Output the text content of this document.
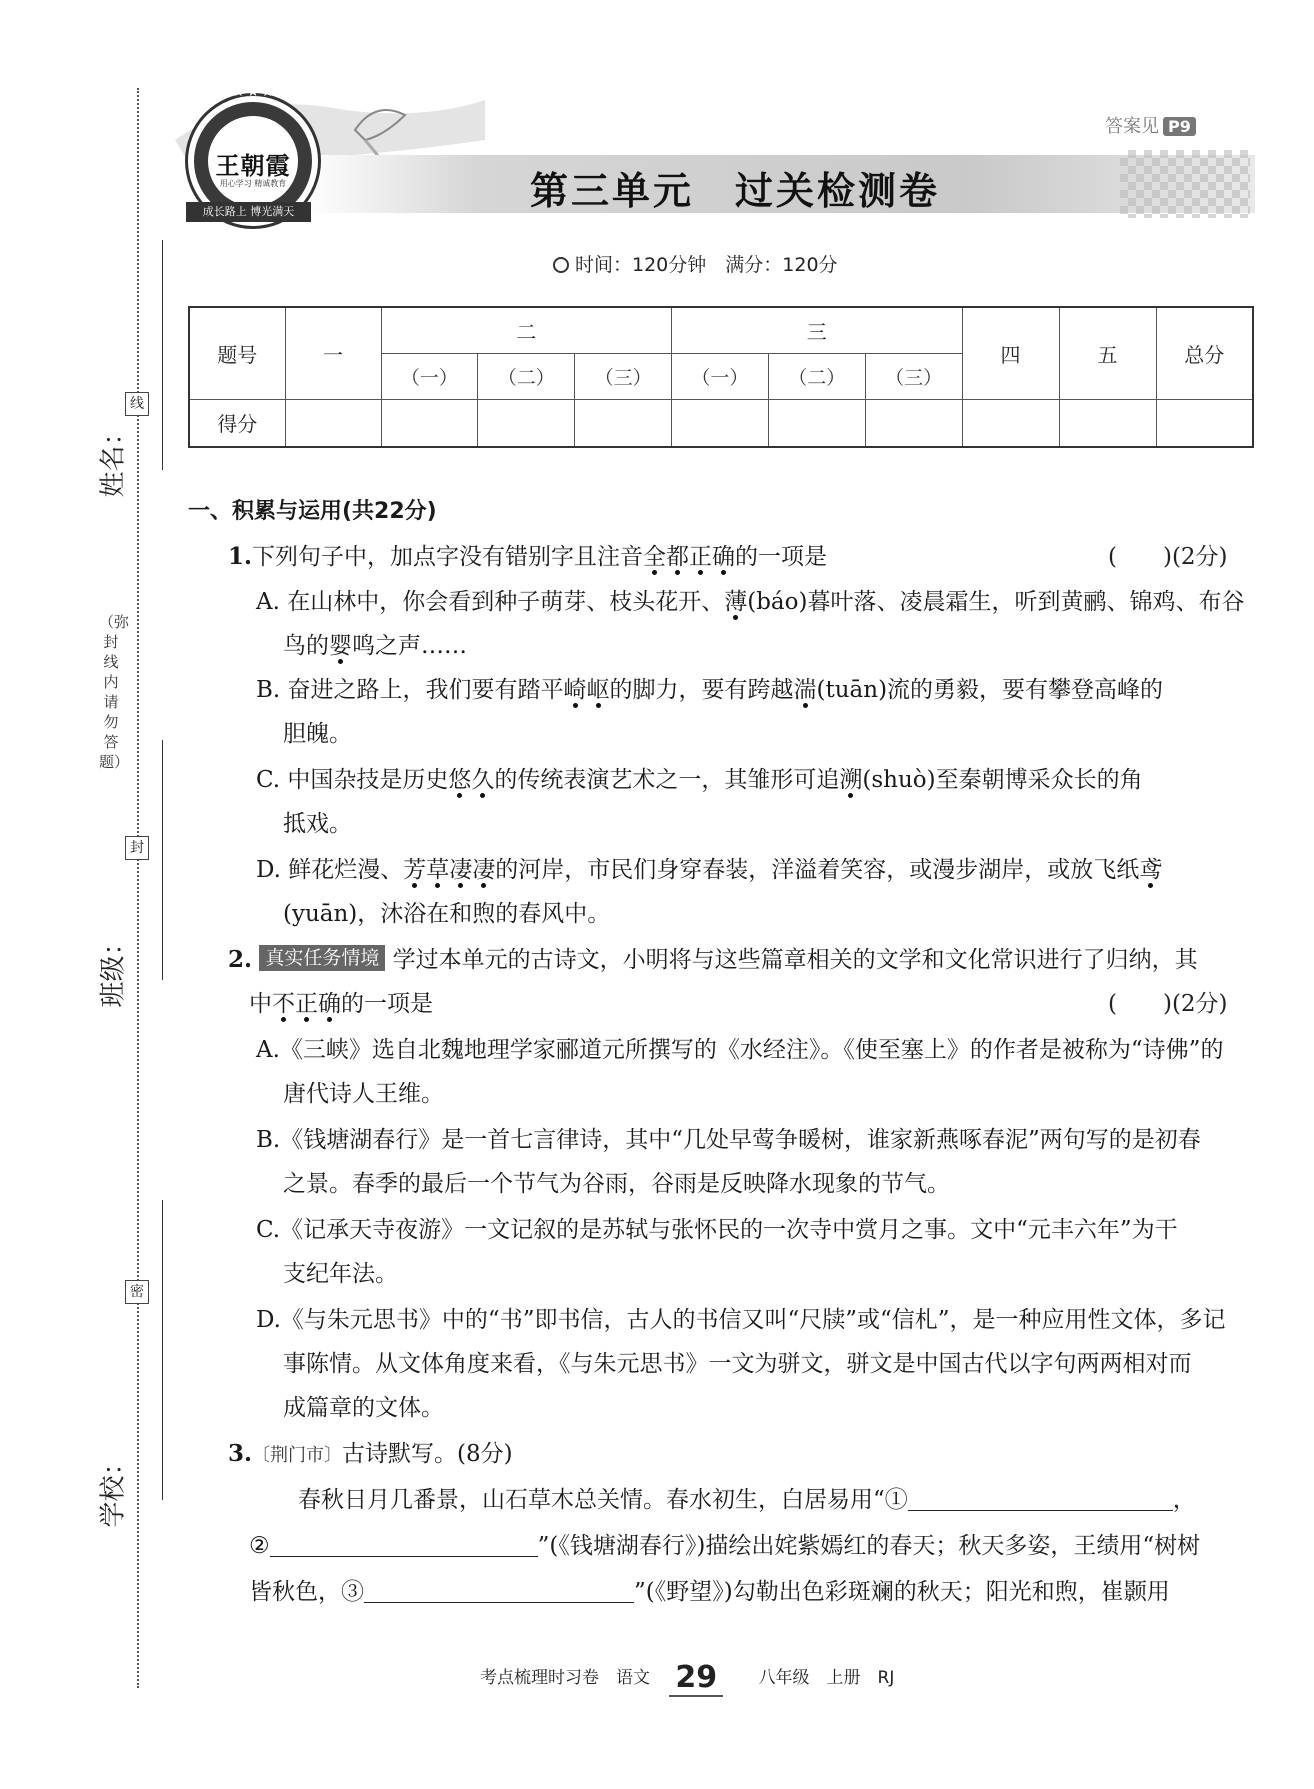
线
封
密
（弥封线内请勿答题）
姓名：
班级：
学校：
★★★★★
王朝霞
用心学习 精诚教育
成长路上 博光满天	第三单元　过关检测卷
答案见 P9
时间：120分钟　满分：120分
题号	一	二			三			四	五	总分
		（一）	（二）	（三）	（一）	（二）	（三）			
得分										
一、积累与运用(共22分)
1.下列句子中，加点字没有错别字且注音全都正确的一项是	(　　)(2分)
A. 在山林中，你会看到种子萌芽、枝头花开、薄(báo)暮叶落、凌晨霜生，听到黄鹂、锦鸡、布谷
鸟的婴鸣之声……
B. 奋进之路上，我们要有踏平崎岖的脚力，要有跨越湍(tuān)流的勇毅，要有攀登高峰的
胆魄。
C. 中国杂技是历史悠久的传统表演艺术之一，其雏形可追溯(shuò)至秦朝博采众长的角
抵戏。
D. 鲜花烂漫、芳草凄凄的河岸，市民们身穿春装，洋溢着笑容，或漫步湖岸，或放飞纸鸢
(yuān)，沐浴在和煦的春风中。
2. 真实任务情境 学过本单元的古诗文，小明将与这些篇章相关的文学和文化常识进行了归纳，其
中不正确的一项是	(　　)(2分)
A.《三峡》选自北魏地理学家郦道元所撰写的《水经注》。《使至塞上》的作者是被称为“诗佛”的
唐代诗人王维。
B.《钱塘湖春行》是一首七言律诗，其中“几处早莺争暖树，谁家新燕啄春泥”两句写的是初春
之景。春季的最后一个节气为谷雨，谷雨是反映降水现象的节气。
C.《记承天寺夜游》一文记叙的是苏轼与张怀民的一次寺中赏月之事。文中“元丰六年”为干
支纪年法。
D.《与朱元思书》中的“书”即书信，古人的书信又叫“尺牍”或“信札”，是一种应用性文体，多记
事陈情。从文体角度来看，《与朱元思书》一文为骈文，骈文是中国古代以字句两两相对而
成篇章的文体。
3.〔荆门市〕古诗默写。(8分)
春秋日月几番景，山石草木总关情。春水初生，白居易用“①	，
②	”(《钱塘湖春行》)描绘出姹紫嫣红的春天；秋天多姿，王绩用“树树
皆秋色，③	”(《野望》)勾勒出色彩斑斓的秋天；阳光和煦，崔颢用
考点梳理时习卷　语文 29 八年级　上册　RJ
